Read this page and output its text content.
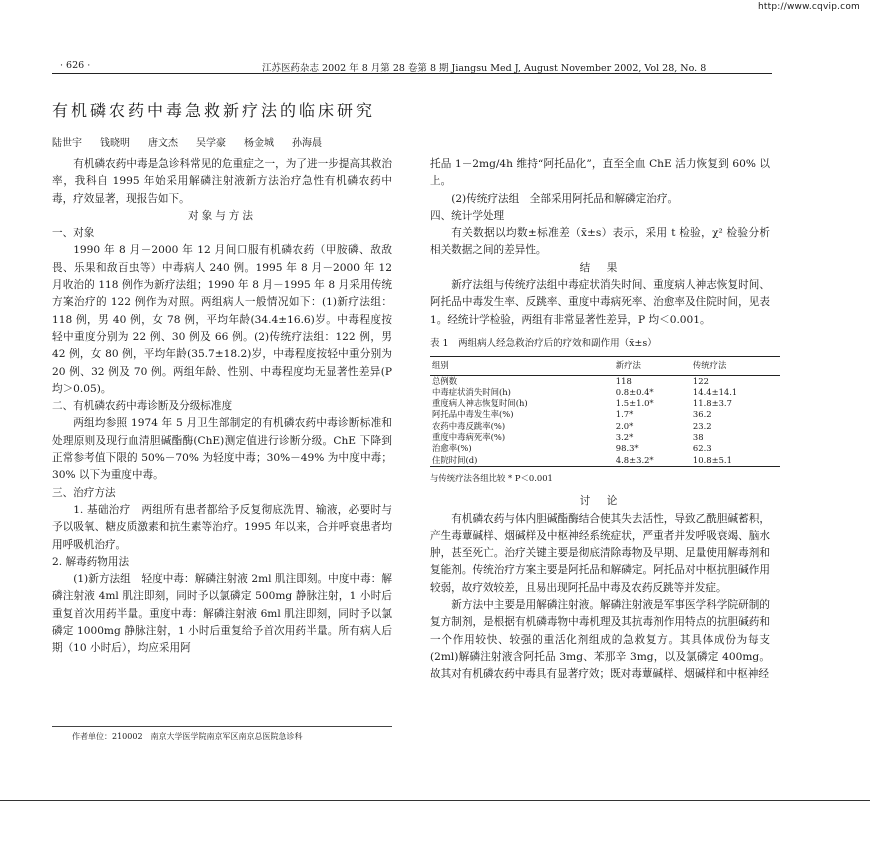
http://www.cqvip.com
· 626 ·	江苏医药杂志 2002 年 8 月第 28 卷第 8 期 Jiangsu Med J, August November 2002, Vol 28, No. 8
有机磷农药中毒急救新疗法的临床研究
陆世宇 钱晓明 唐文杰 吴学豪 杨金城 孙海晨

有机磷农药中毒是急诊科常见的危重症之一，为了进一步提高其救治率，我科自 1995 年始采用解磷注射液新方法治疗急性有机磷农药中毒，疗效显著，现报告如下。

对象与方法

一、对象

1990 年 8 月－2000 年 12 月间口服有机磷农药（甲胺磷、敌敌畏、乐果和敌百虫等）中毒病人 240 例。1995 年 8 月－2000 年 12 月收治的 118 例作为新疗法组；1990 年 8 月－1995 年 8 月采用传统方案治疗的 122 例作为对照。两组病人一般情况如下：(1)新疗法组：118 例，男 40 例，女 78 例，平均年龄(34.4±16.6)岁。中毒程度按轻中重度分别为 22 例、30 例及 66 例。(2)传统疗法组：122 例，男 42 例，女 80 例，平均年龄(35.7±18.2)岁，中毒程度按轻中重分别为 20 例、32 例及 70 例。两组年龄、性别、中毒程度均无显著性差异(P 均＞0.05)。

二、有机磷农药中毒诊断及分级标准度

两组均参照 1974 年 5 月卫生部制定的有机磷农药中毒诊断标准和处理原则及现行血清胆碱酯酶(ChE)测定值进行诊断分级。ChE 下降到正常参考值下限的 50%－70% 为轻度中毒；30%－49% 为中度中毒；30% 以下为重度中毒。

三、治疗方法

1. 基础治疗　两组所有患者都给予反复彻底洗胃、输液，必要时与予以吸氧、糖皮质激素和抗生素等治疗。1995 年以来，合并呼衰患者均用呼吸机治疗。

2. 解毒药物用法

(1)新方法组　轻度中毒：解磷注射液 2ml 肌注即刻。中度中毒：解磷注射液 4ml 肌注即刻，同时予以氯磷定 500mg 静脉注射，1 小时后重复首次用药半量。重度中毒：解磷注射液 6ml 肌注即刻，同时予以氯磷定 1000mg 静脉注射，1 小时后重复给予首次用药半量。所有病人后期（10 小时后），均应采用阿

作者单位：210002　南京大学医学院南京军区南京总医院急诊科

托品 1－2mg/4h 维持“阿托品化”，直至全血 ChE 活力恢复到 60% 以上。

(2)传统疗法组　全部采用阿托品和解磷定治疗。

四、统计学处理

有关数据以均数±标准差（x̄±s）表示，采用 t 检验，χ² 检验分析相关数据之间的差异性。

结　果

新疗法组与传统疗法组中毒症状消失时间、重度病人神志恢复时间、阿托品中毒发生率、反跳率、重度中毒病死率、治愈率及住院时间，见表 1。经统计学检验，两组有非常显著性差异，P 均＜0.001。

表 1　两组病人经急救治疗后的疗效和副作用（x̄±s）
组别	新疗法	传统疗法
总例数	118	122
中毒症状消失时间(h)	0.8±0.4*	14.4±14.1
重度病人神志恢复时间(h)	1.5±1.0*	11.8±3.7
阿托品中毒发生率(%)	1.7*	36.2
农药中毒反跳率(%)	2.0*	23.2
重度中毒病死率(%)	3.2*	38
治愈率(%)	98.3*	62.3
住院时间(d)	4.8±3.2*	10.8±5.1
与传统疗法各组比较 * P＜0.001

讨　论

有机磷农药与体内胆碱酯酶结合使其失去活性，导致乙酰胆碱蓄积，产生毒蕈碱样、烟碱样及中枢神经系统症状，严重者并发呼吸衰竭、脑水肿，甚至死亡。治疗关键主要是彻底清除毒物及早期、足量使用解毒剂和复能剂。传统治疗方案主要是阿托品和解磷定。阿托品对中枢抗胆碱作用较弱，故疗效较差，且易出现阿托品中毒及农药反跳等并发症。

新方法中主要是用解磷注射液。解磷注射液是军事医学科学院研制的复方制剂，是根据有机磷毒物中毒机理及其抗毒剂作用特点的抗胆碱药和一个作用较快、较强的重活化剂组成的急救复方。其具体成份为每支(2ml)解磷注射液含阿托品 3mg、苯那辛 3mg，以及氯磷定 400mg。故其对有机磷农药中毒具有显著疗效；既对毒蕈碱样、烟碱样和中枢神经
